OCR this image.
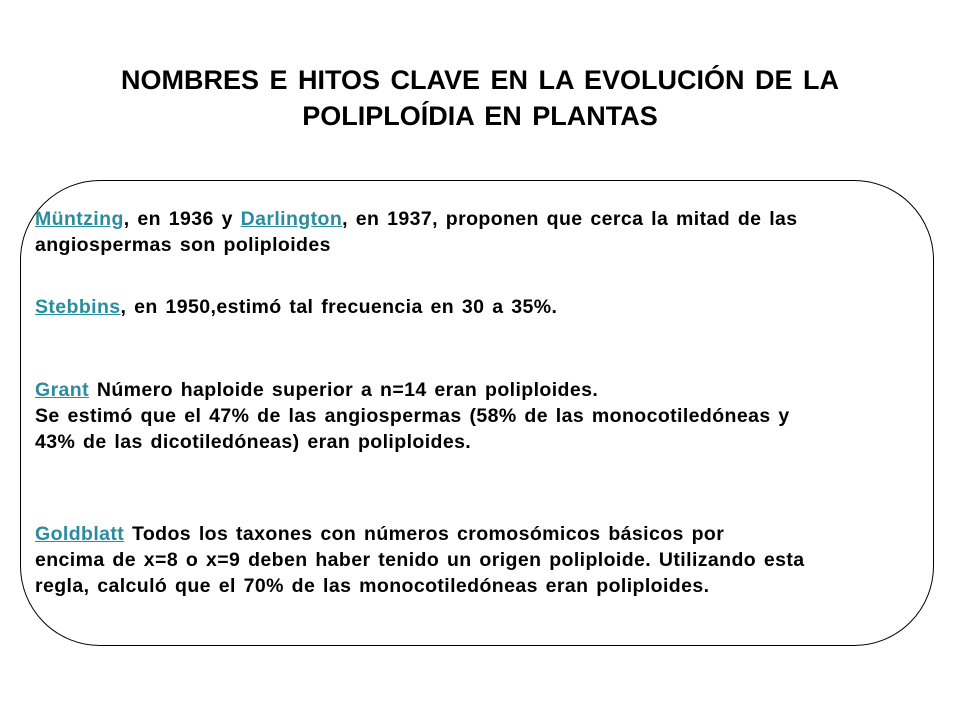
NOMBRES E HITOS CLAVE EN LA EVOLUCIÓN DE LA
POLIPLOÍDIA EN PLANTAS

Müntzing, en 1936 y Darlington, en 1937, proponen que cerca la mitad de las

angiospermas son poliploides

Stebbins, en 1950,estimó tal frecuencia en 30 a 35%.

Grant Número haploide superior a n=14 eran poliploides.

Se estimó que el 47% de las angiospermas (58% de las monocotiledóneas y

43% de las dicotiledóneas) eran poliploides.

Goldblatt Todos los taxones con números cromosómicos básicos por

encima de x=8 o x=9 deben haber tenido un origen poliploide. Utilizando esta

regla, calculó que el 70% de las monocotiledóneas eran poliploides.
